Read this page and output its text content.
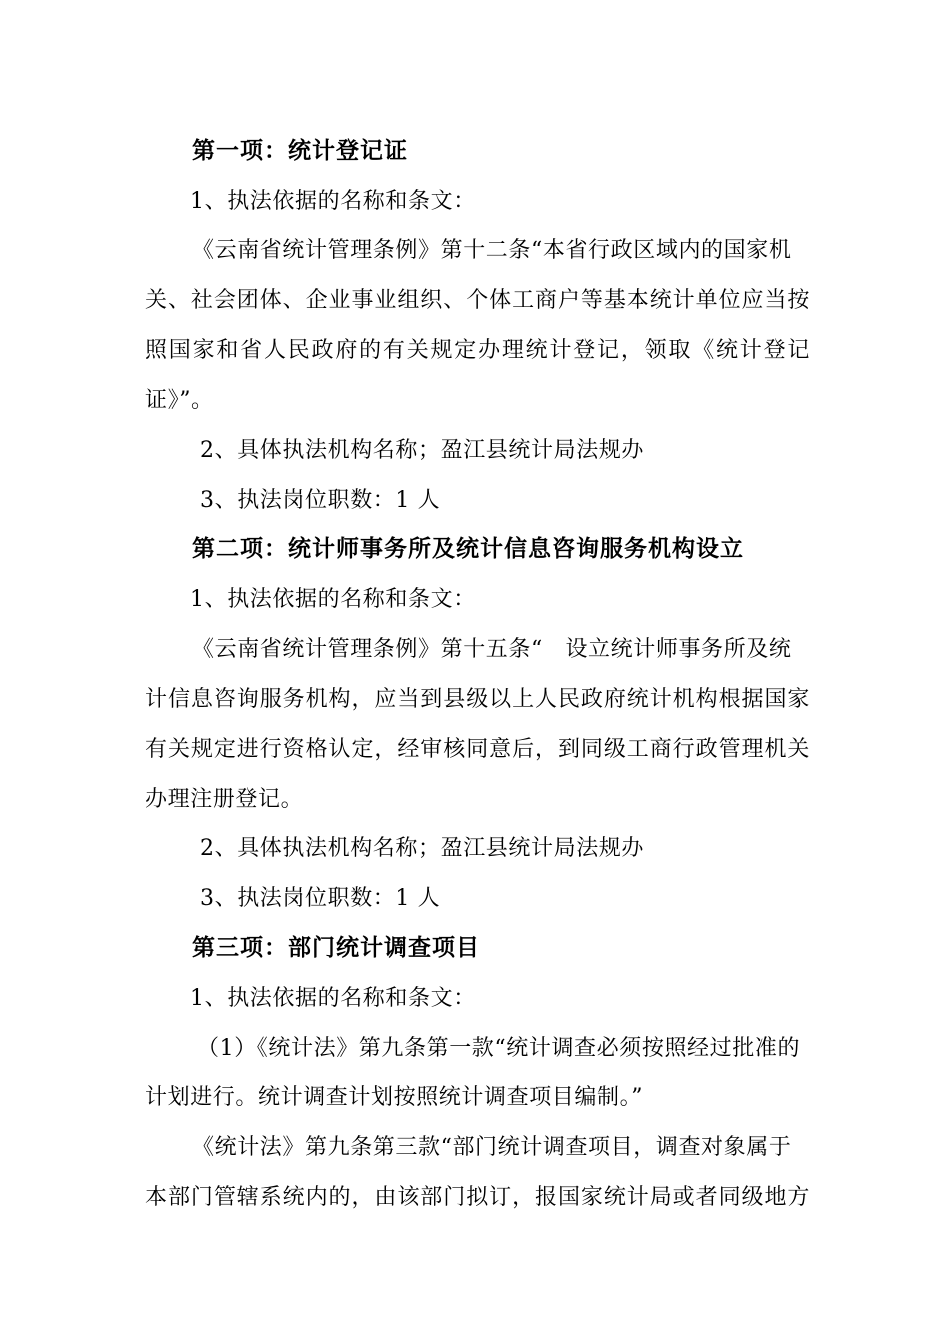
第一项：统计登记证
1、执法依据的名称和条文：
《云南省统计管理条例》第十二条“本省行政区域内的国家机
关、社会团体、企业事业组织、个体工商户等基本统计单位应当按
照国家和省人民政府的有关规定办理统计登记，领取《统计登记
证》”。
2、具体执法机构名称；盈江县统计局法规办
3、执法岗位职数：1 人
第二项：统计师事务所及统计信息咨询服务机构设立
1、执法依据的名称和条文：
《云南省统计管理条例》第十五条“　设立统计师事务所及统
计信息咨询服务机构，应当到县级以上人民政府统计机构根据国家
有关规定进行资格认定，经审核同意后，到同级工商行政管理机关
办理注册登记。
2、具体执法机构名称；盈江县统计局法规办
3、执法岗位职数：1 人
第三项：部门统计调查项目
1、执法依据的名称和条文：
（1）《统计法》第九条第一款“统计调查必须按照经过批准的
计划进行。统计调查计划按照统计调查项目编制。”
《统计法》第九条第三款“部门统计调查项目，调查对象属于
本部门管辖系统内的，由该部门拟订，报国家统计局或者同级地方
